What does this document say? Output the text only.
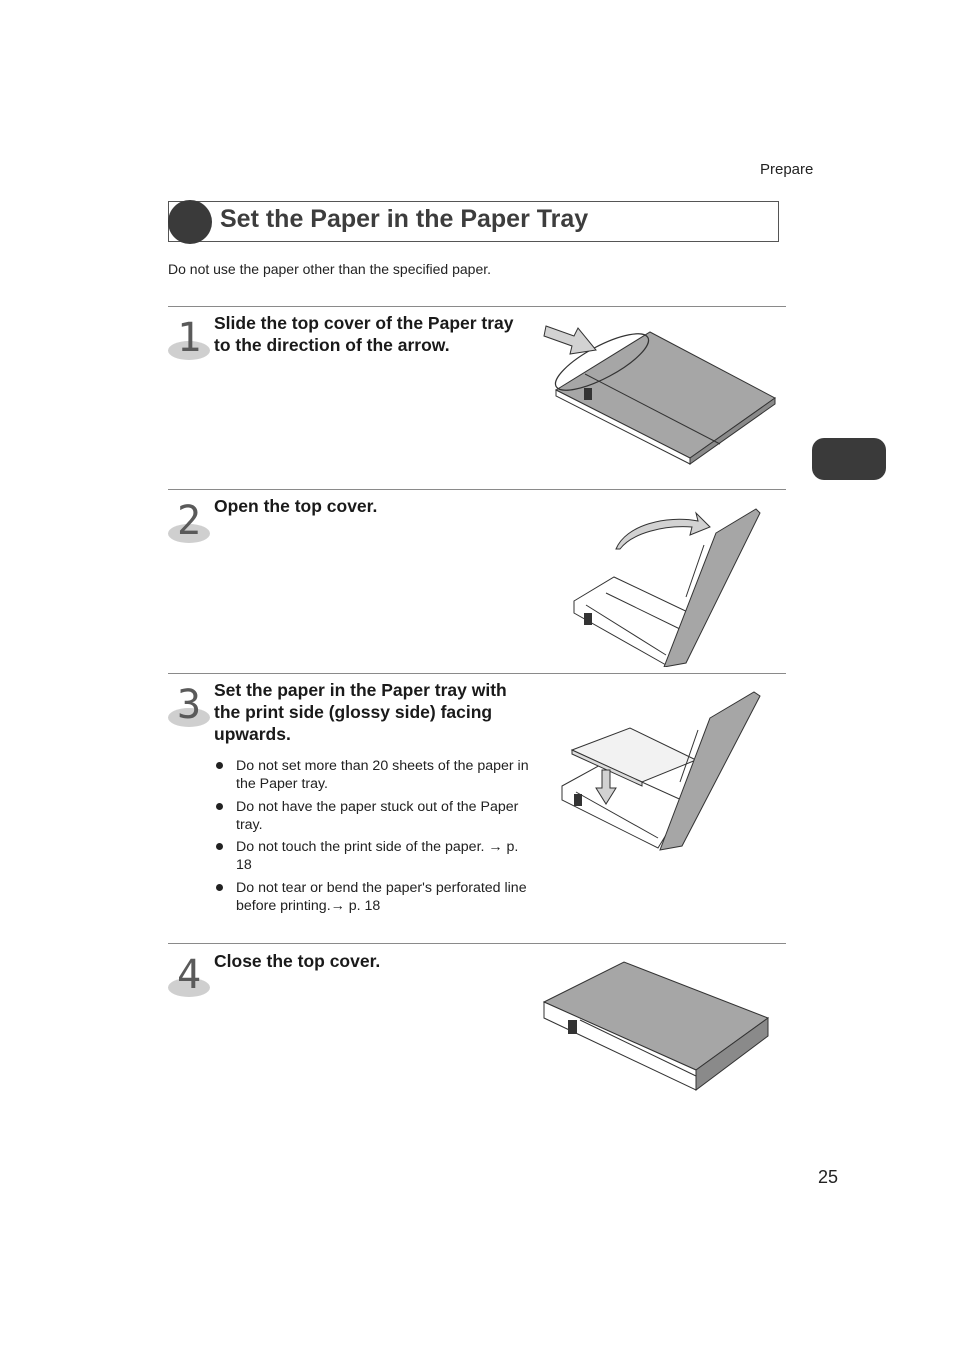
Prepare
Set the Paper in the Paper Tray
Do not use the paper other than the specified paper.
1 Slide the top cover of the Paper tray to the direction of the arrow.
2 Open the top cover.
3 Set the paper in the Paper tray with the print side (glossy side) facing upwards.
Do not set more than 20 sheets of the paper in the Paper tray.
Do not have the paper stuck out of the Paper tray.
Do not touch the print side of the paper. → p. 18
Do not tear or bend the paper's perforated line before printing.→ p. 18
4 Close the top cover.
25
